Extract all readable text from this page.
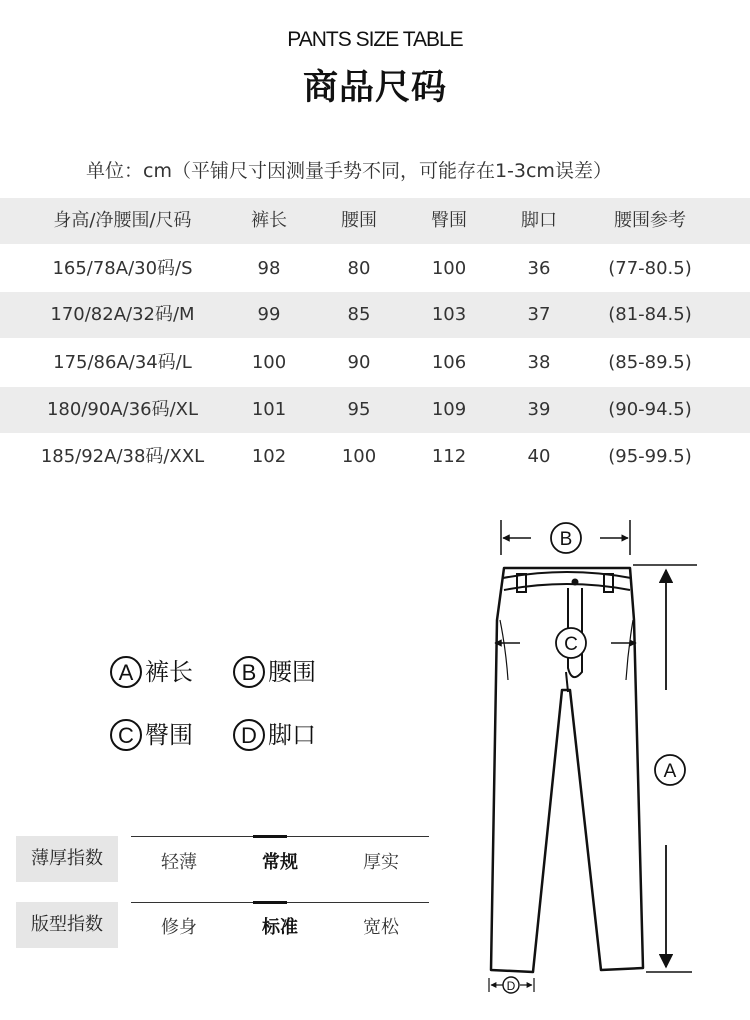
PANTS SIZE TABLE
商品尺码
单位：cm（平铺尺寸因测量手势不同，可能存在1-3cm误差）
身高/净腰围/尺码	裤长	腰围	臀围	脚口	腰围参考
165/78A/30码/S	98	80	100	36	(77-80.5)
170/82A/32码/M	99	85	103	37	(81-84.5)
175/86A/34码/L	100	90	106	38	(85-89.5)
180/90A/36码/XL	101	95	109	39	(90-94.5)
185/92A/38码/XXL	102	100	112	40	(95-99.5)
A 裤长	B 腰围
C 臀围	D 脚口
薄厚指数	轻薄	常规	厚实
版型指数	修身	标准	宽松
B
C
A
D
